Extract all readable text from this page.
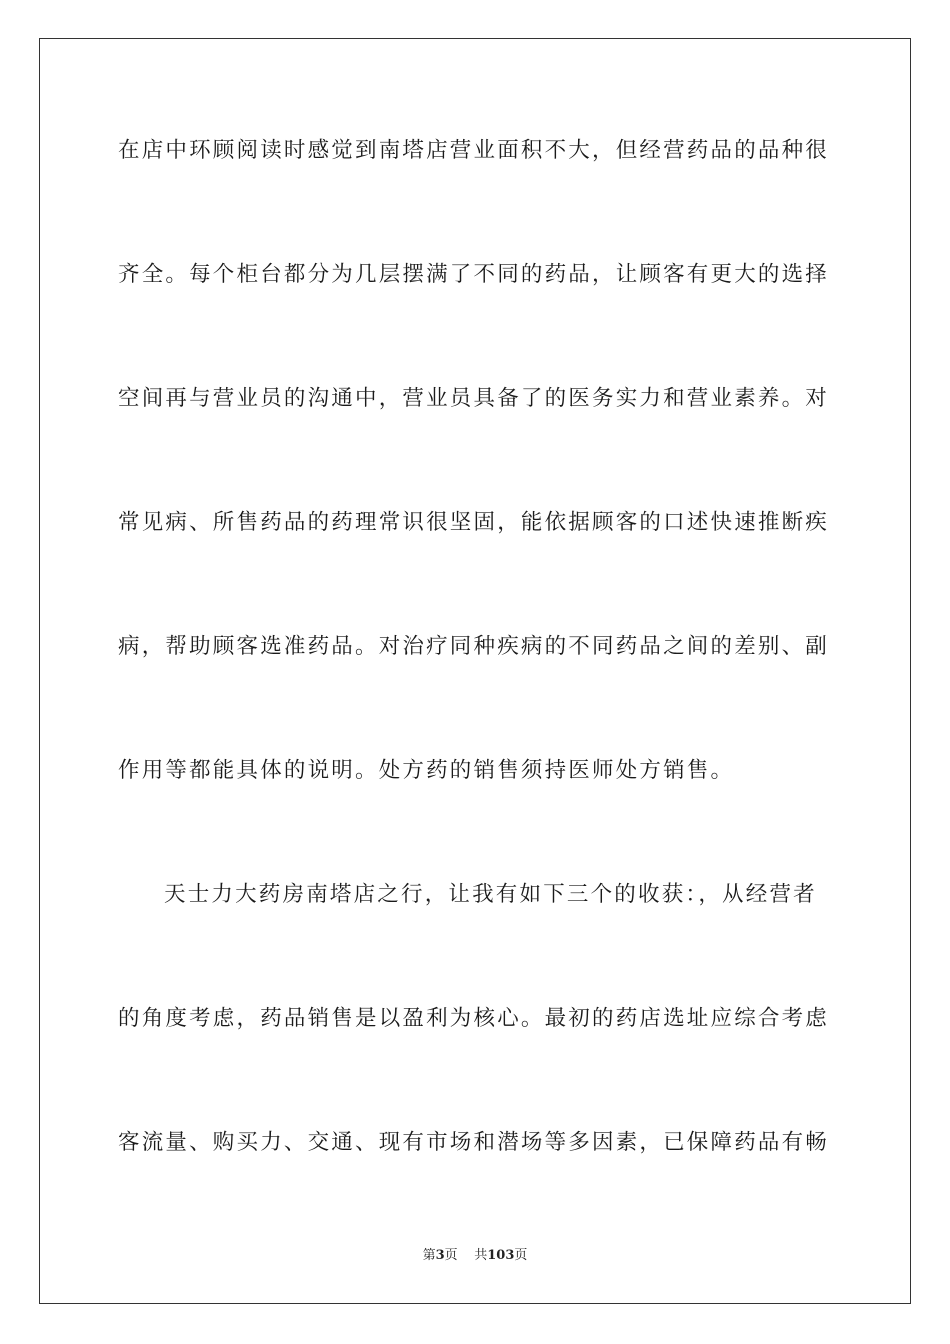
在店中环顾阅读时感觉到南塔店营业面积不大，但经营药品的品种很
齐全。每个柜台都分为几层摆满了不同的药品，让顾客有更大的选择
空间再与营业员的沟通中，营业员具备了的医务实力和营业素养。对
常见病、所售药品的药理常识很坚固，能依据顾客的口述快速推断疾
病，帮助顾客选准药品。对治疗同种疾病的不同药品之间的差别、副
作用等都能具体的说明。处方药的销售须持医师处方销售。
天士力大药房南塔店之行，让我有如下三个的收获：，从经营者
的角度考虑，药品销售是以盈利为核心。最初的药店选址应综合考虑
客流量、购买力、交通、现有市场和潜场等多因素，已保障药品有畅
第3页 共103页
